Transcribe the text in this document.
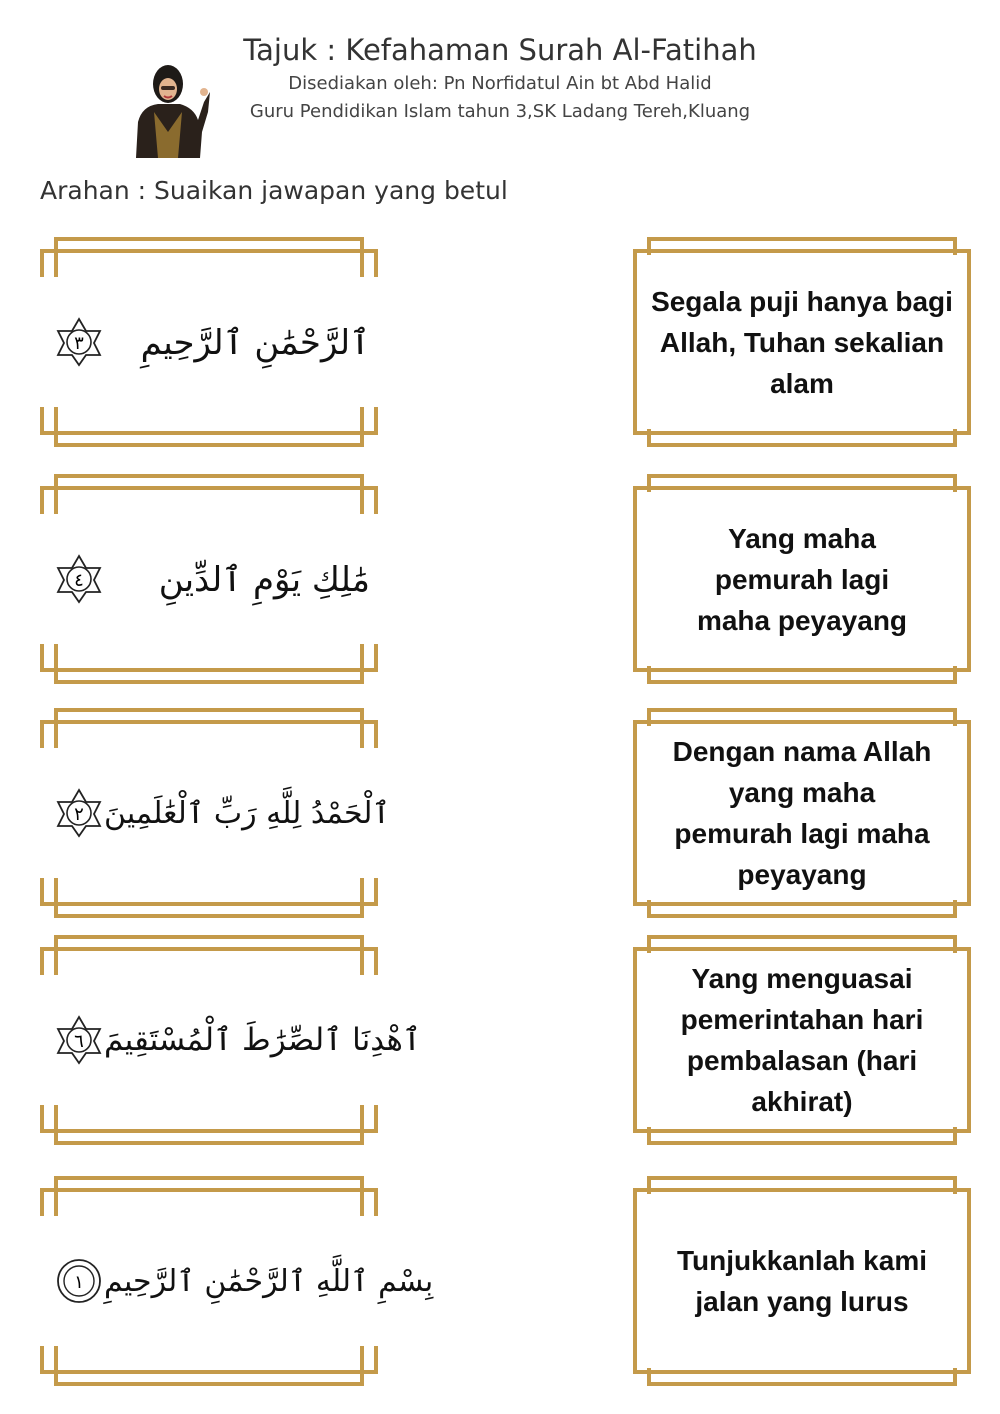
Tajuk : Kefahaman Surah Al-Fatihah

Disediakan oleh: Pn Norfidatul Ain bt Abd Halid

Guru Pendidikan Islam tahun 3,SK Ladang Tereh,Kluang

Arahan : Suaikan jawapan yang betul
٣ ٱلرَّحْمَٰنِ ٱلرَّحِيمِ
٤ مَٰلِكِ يَوْمِ ٱلدِّينِ
٢ ٱلْحَمْدُ لِلَّهِ رَبِّ ٱلْعَٰلَمِينَ
٦ ٱهْدِنَا ٱلصِّرَٰطَ ٱلْمُسْتَقِيمَ
١ بِسْمِ ٱللَّهِ ٱلرَّحْمَٰنِ ٱلرَّحِيمِ
Segala puji hanya bagi Allah, Tuhan sekalian alam
Yang maha pemurah lagi maha peyayang
Dengan nama Allah yang maha pemurah lagi maha peyayang
Yang menguasai pemerintahan hari pembalasan (hari akhirat)
Tunjukkanlah kami jalan yang lurus
